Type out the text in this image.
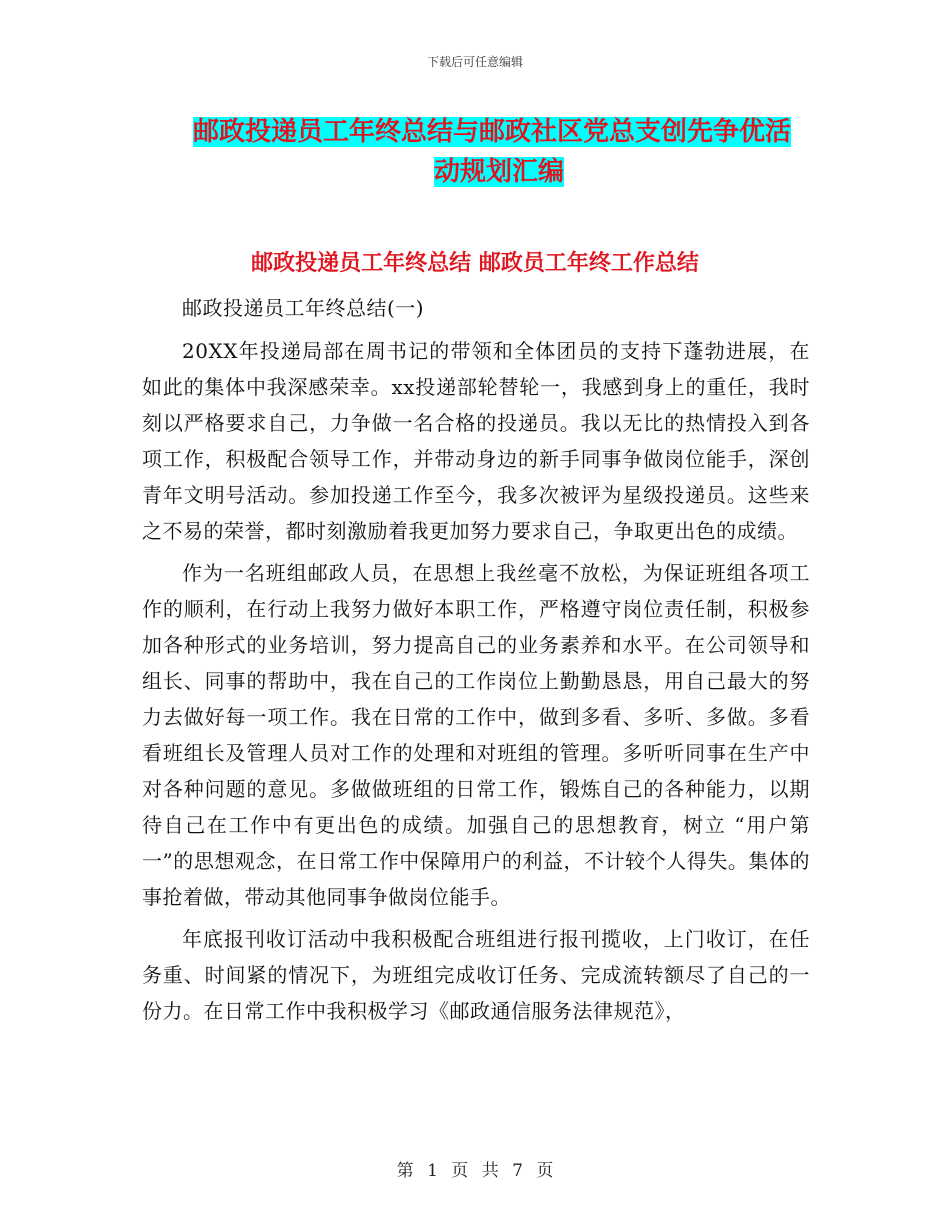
下载后可任意编辑
邮政投递员工年终总结与邮政社区党总支创先争优活
动规划汇编
邮政投递员工年终总结 邮政员工年终工作总结

邮政投递员工年终总结(一)

20XX年投递局部在周书记的带领和全体团员的支持下蓬勃进展，在如此的集体中我深感荣幸。xx投递部轮替轮一，我感到身上的重任，我时刻以严格要求自己，力争做一名合格的投递员。我以无比的热情投入到各项工作，积极配合领导工作，并带动身边的新手同事争做岗位能手，深创青年文明号活动。参加投递工作至今，我多次被评为星级投递员。这些来之不易的荣誉，都时刻激励着我更加努力要求自己，争取更出色的成绩。

作为一名班组邮政人员，在思想上我丝毫不放松，为保证班组各项工作的顺利，在行动上我努力做好本职工作，严格遵守岗位责任制，积极参加各种形式的业务培训，努力提高自己的业务素养和水平。在公司领导和组长、同事的帮助中，我在自己的工作岗位上勤勤恳恳，用自己最大的努力去做好每一项工作。我在日常的工作中，做到多看、多听、多做。多看看班组长及管理人员对工作的处理和对班组的管理。多听听同事在生产中对各种问题的意见。多做做班组的日常工作，锻炼自己的各种能力，以期待自己在工作中有更出色的成绩。加强自己的思想教育，树立 “用户第一”的思想观念，在日常工作中保障用户的利益，不计较个人得失。集体的事抢着做，带动其他同事争做岗位能手。

年底报刊收订活动中我积极配合班组进行报刊揽收，上门收订，在任务重、时间紧的情况下，为班组完成收订任务、完成流转额尽了自己的一份力。在日常工作中我积极学习《邮政通信服务法律规范》，

第 1 页 共 7 页
